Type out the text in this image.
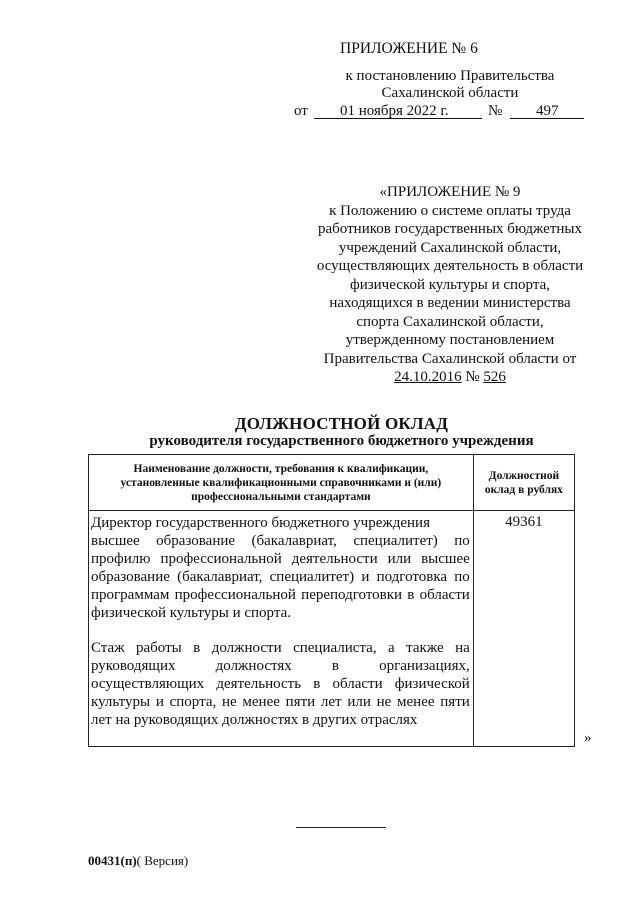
ПРИЛОЖЕНИЕ № 6
к постановлению Правительства
Сахалинской области
от 01 ноября 2022 г.	№ 497
«ПРИЛОЖЕНИЕ № 9
к Положению о системе оплаты труда
работников государственных бюджетных
учреждений Сахалинской области,
осуществляющих деятельность в области
физической культуры и спорта,
находящихся в ведении министерства
спорта Сахалинской области,
утвержденному постановлением
Правительства Сахалинской области от
24.10.2016 № 526
ДОЛЖНОСТНОЙ ОКЛАД
руководителя государственного бюджетного учреждения
Наименование должности, требования к квалификации, установленные квалификационными справочниками и (или) профессиональными стандартами	Должностной оклад в рублях

Директор государственного бюджетного учреждения
высшее образование (бакалавриат, специалитет) по профилю профессиональной деятельности или высшее образование (бакалавриат, специалитет) и подготовка по программам профессиональной переподготовки в области физической культуры и спорта.
Стаж работы в должности специалиста, а также на руководящих должностях в организациях, осуществляющих деятельность в области физической культуры и спорта, не менее пяти лет или не менее пяти лет на руководящих должностях в других отраслях	49361
»
00431(п)( Версия)
